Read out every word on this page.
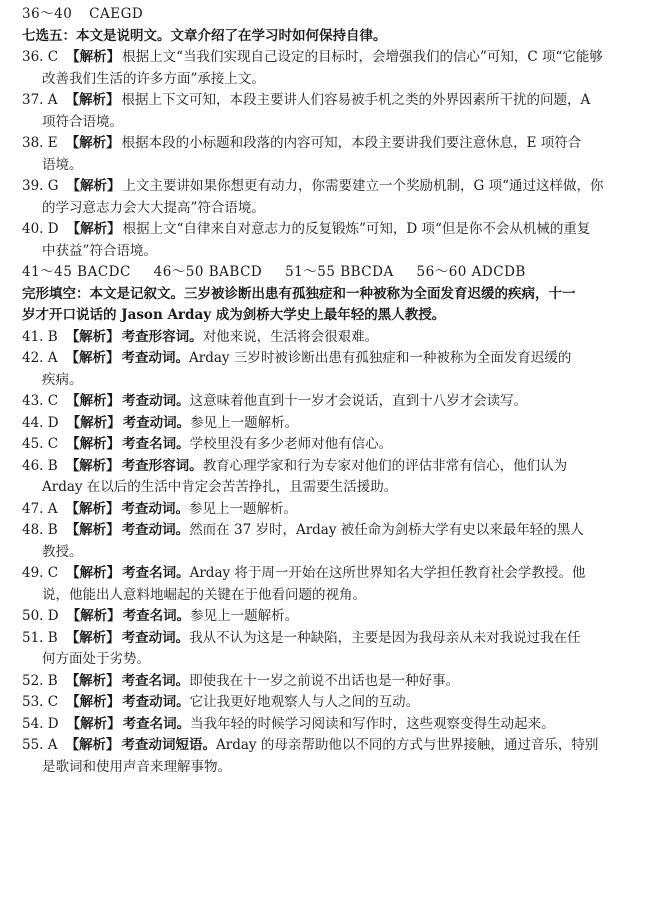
36～40 CAEGD
七选五：本文是说明文。文章介绍了在学习时如何保持自律。
36. C 【解析】 根据上文“当我们实现自己设定的目标时，会增强我们的信心”可知，C 项“它能够
改善我们生活的许多方面”承接上文。
37. A 【解析】 根据上下文可知，本段主要讲人们容易被手机之类的外界因素所干扰的问题，A
项符合语境。
38. E 【解析】 根据本段的小标题和段落的内容可知，本段主要讲我们要注意休息，E 项符合
语境。
39. G 【解析】 上文主要讲如果你想更有动力，你需要建立一个奖励机制，G 项“通过这样做，你
的学习意志力会大大提高”符合语境。
40. D 【解析】 根据上文“自律来自对意志力的反复锻炼”可知，D 项“但是你不会从机械的重复
中获益”符合语境。
41～45 BACDC 46～50 BABCD 51～55 BBCDA 56～60 ADCDB
完形填空：本文是记叙文。三岁被诊断出患有孤独症和一种被称为全面发育迟缓的疾病，十一
岁才开口说话的 Jason Arday 成为剑桥大学史上最年轻的黑人教授。
41. B 【解析】 考查形容词。对他来说，生活将会很艰难。
42. A 【解析】 考查动词。Arday 三岁时被诊断出患有孤独症和一种被称为全面发育迟缓的
疾病。
43. C 【解析】 考查动词。这意味着他直到十一岁才会说话，直到十八岁才会读写。
44. D 【解析】 考查动词。参见上一题解析。
45. C 【解析】 考查名词。学校里没有多少老师对他有信心。
46. B 【解析】 考查形容词。教育心理学家和行为专家对他们的评估非常有信心，他们认为
Arday 在以后的生活中肯定会苦苦挣扎，且需要生活援助。
47. A 【解析】 考查动词。参见上一题解析。
48. B 【解析】 考查动词。然而在 37 岁时，Arday 被任命为剑桥大学有史以来最年轻的黑人
教授。
49. C 【解析】 考查名词。Arday 将于周一开始在这所世界知名大学担任教育社会学教授。他
说，他能出人意料地崛起的关键在于他看问题的视角。
50. D 【解析】 考查名词。参见上一题解析。
51. B 【解析】 考查动词。我从不认为这是一种缺陷，主要是因为我母亲从未对我说过我在任
何方面处于劣势。
52. B 【解析】 考查名词。即使我在十一岁之前说不出话也是一种好事。
53. C 【解析】 考查动词。它让我更好地观察人与人之间的互动。
54. D 【解析】 考查名词。当我年轻的时候学习阅读和写作时，这些观察变得生动起来。
55. A 【解析】 考查动词短语。Arday 的母亲帮助他以不同的方式与世界接触，通过音乐，特别
是歌词和使用声音来理解事物。
